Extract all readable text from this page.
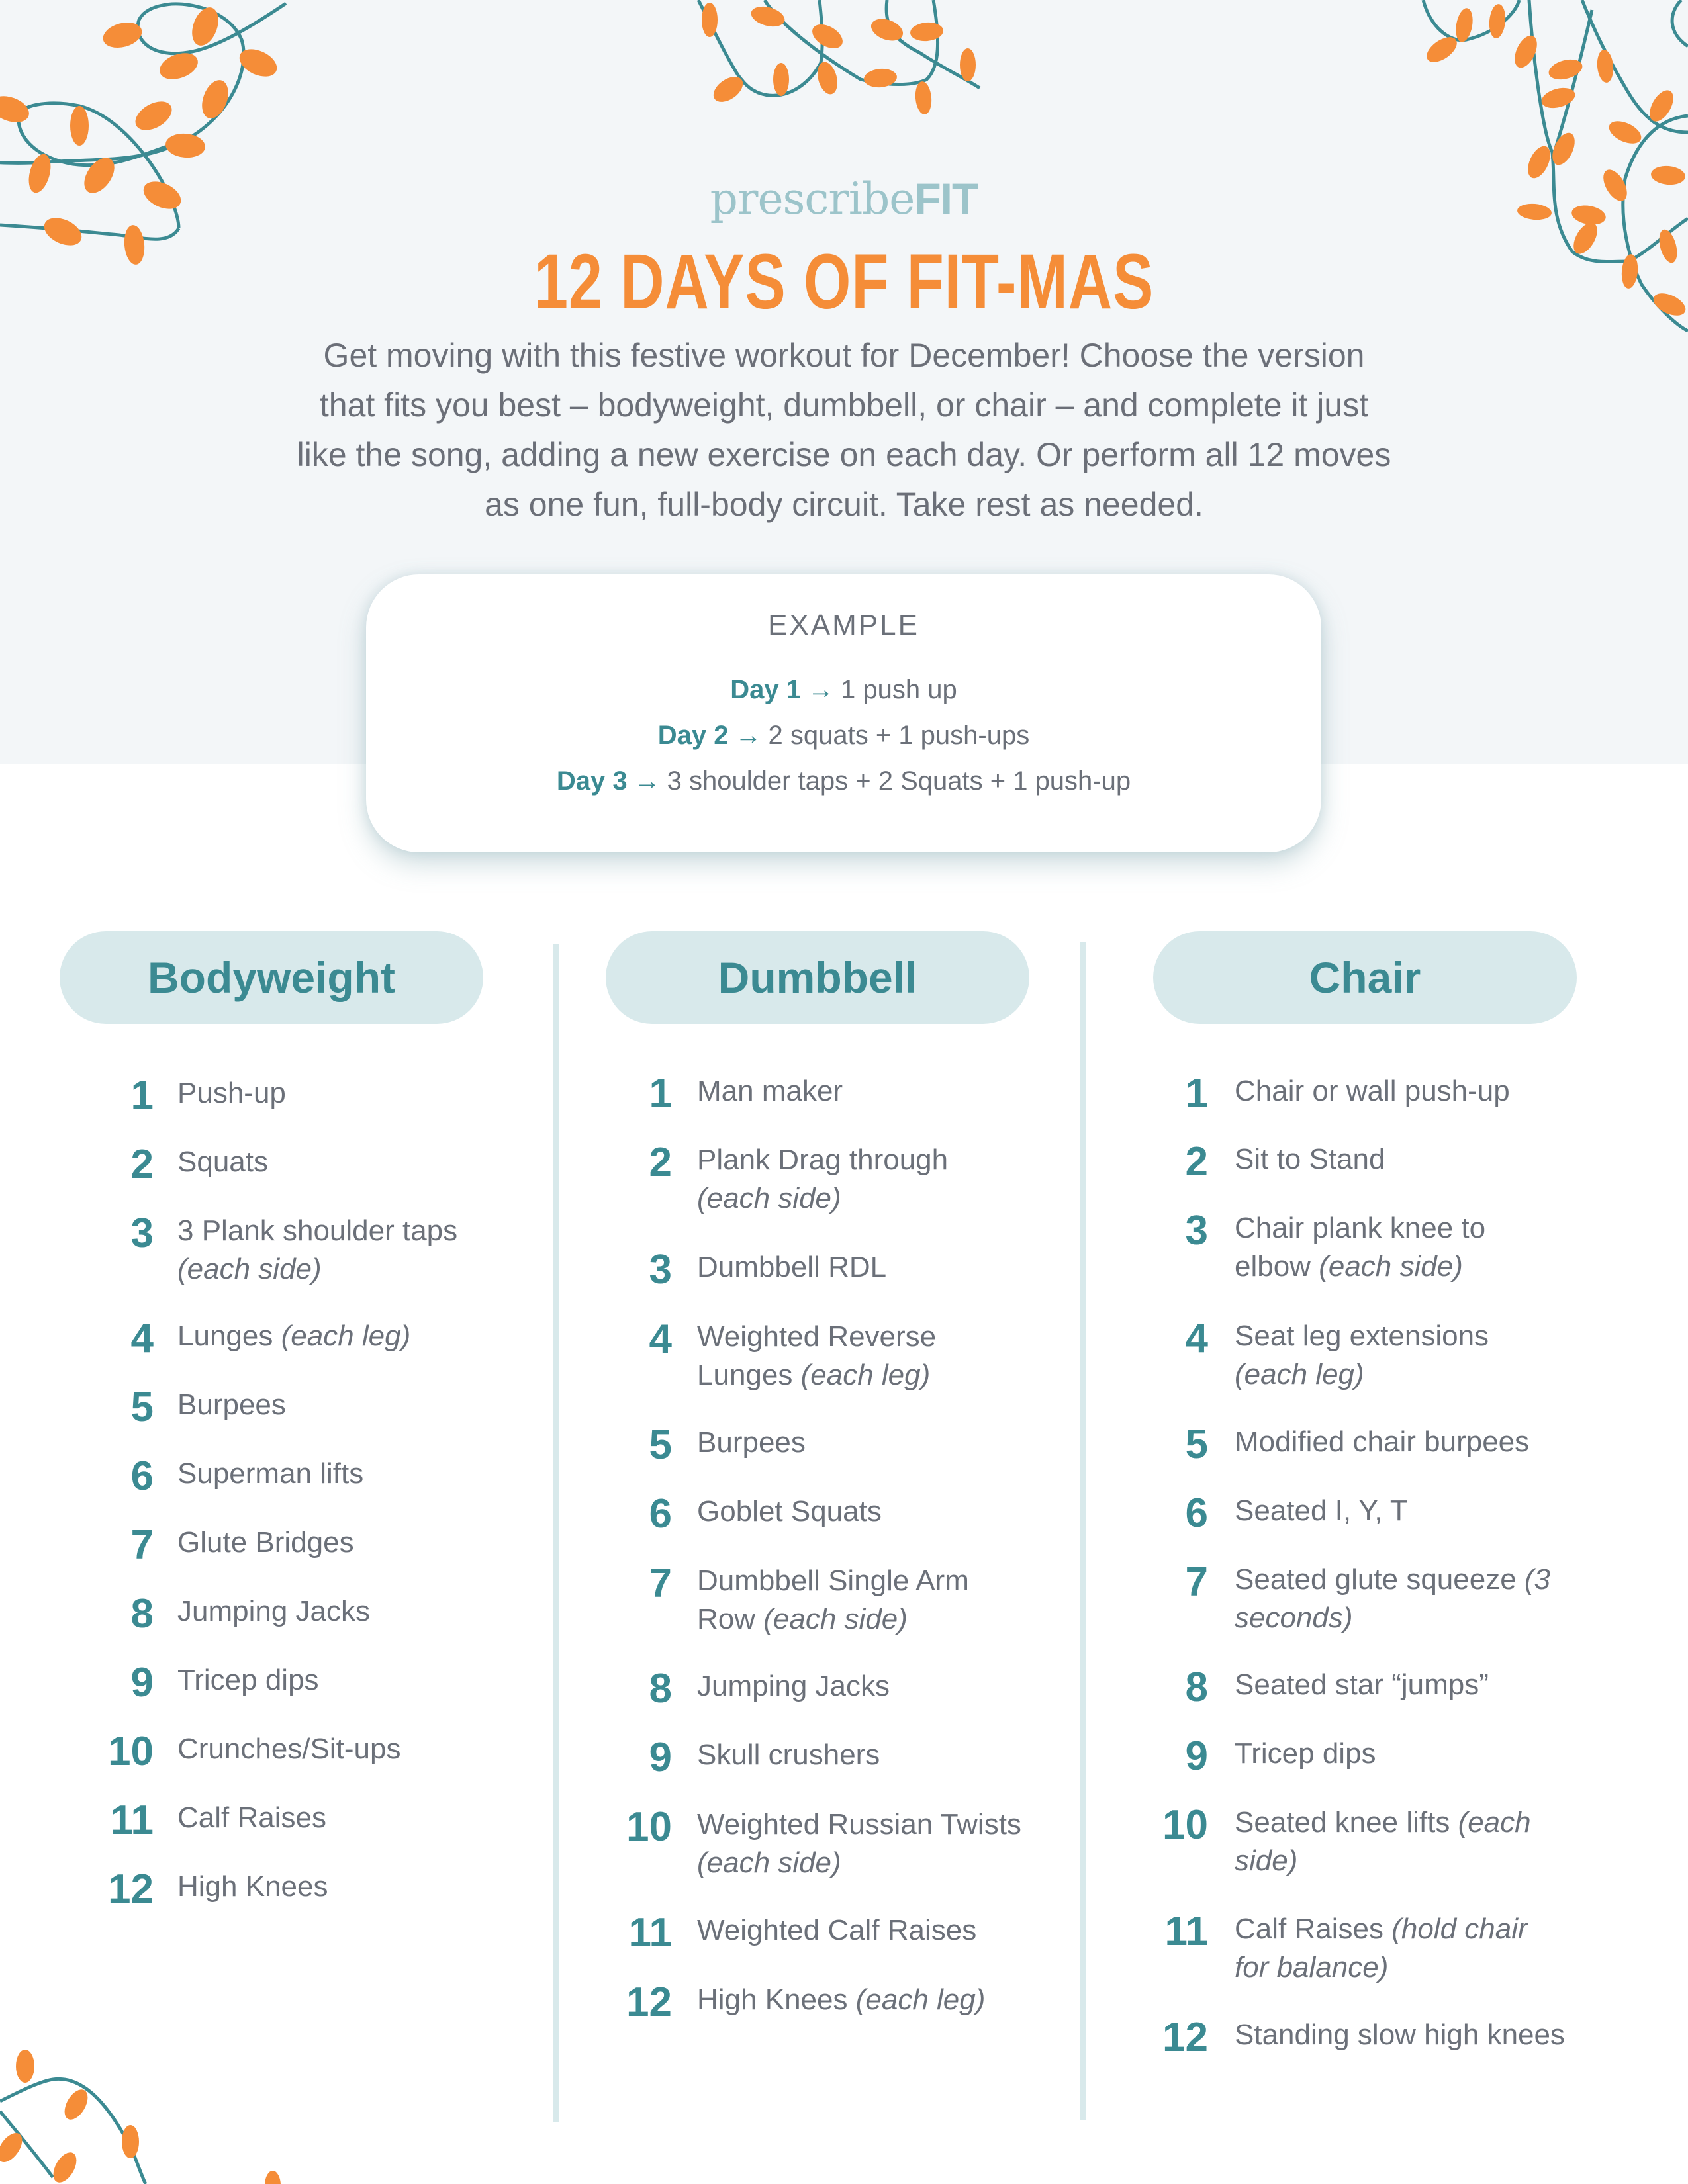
prescribeFIT
12 DAYS OF FIT-MAS
Get moving with this festive workout for December! Choose the version
that fits you best – bodyweight, dumbbell, or chair – and complete it just
like the song, adding a new exercise on each day. Or perform all 12 moves
as one fun, full-body circuit. Take rest as needed.
EXAMPLE
Day 1 → 1 push up
Day 2 → 2 squats + 1 push-ups
Day 3 → 3 shoulder taps + 2 Squats + 1 push-up
Bodyweight	Dumbbell	Chair
1 Push-up
2 Squats
3 3 Plank shoulder taps (each side)
4 Lunges (each leg)
5 Burpees
6 Superman lifts
7 Glute Bridges
8 Jumping Jacks
9 Tricep dips
10 Crunches/Sit-ups
11 Calf Raises
12 High Knees
1 Man maker
2 Plank Drag through (each side)
3 Dumbbell RDL
4 Weighted Reverse Lunges (each leg)
5 Burpees
6 Goblet Squats
7 Dumbbell Single Arm Row (each side)
8 Jumping Jacks
9 Skull crushers
10 Weighted Russian Twists (each side)
11 Weighted Calf Raises
12 High Knees (each leg)
1 Chair or wall push-up
2 Sit to Stand
3 Chair plank knee to elbow (each side)
4 Seat leg extensions (each leg)
5 Modified chair burpees
6 Seated I, Y, T
7 Seated glute squeeze (3 seconds)
8 Seated star “jumps”
9 Tricep dips
10 Seated knee lifts (each side)
11 Calf Raises (hold chair for balance)
12 Standing slow high knees
